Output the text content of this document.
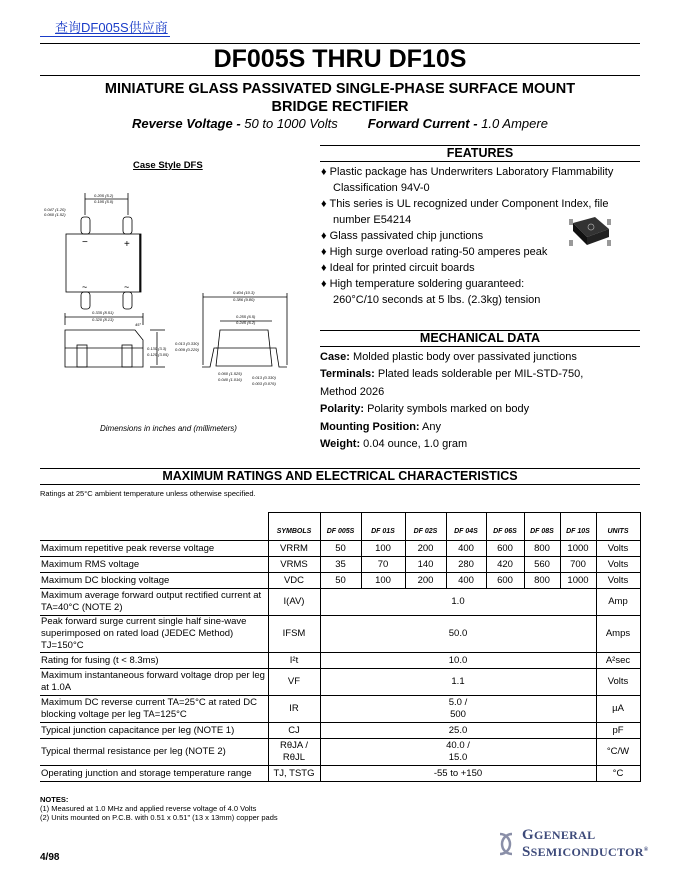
查询DF005S供应商
DF005S THRU DF10S
MINIATURE GLASS PASSIVATED SINGLE-PHASE SURFACE MOUNT
BRIDGE RECTIFIER
Reverse Voltage - 50 to 1000 Volts Forward Current - 1.0 Ampere
Case Style DFS
0.047 (1.20)
0.060 (1.52)
0.205 (5.2)
0.195 (5.0)
0.335 (8.51)
0.320 (8.13)
45°
0.130 (3.3)
0.120 (3.05)
0.013 (0.330)
0.009 (0.229)
0.404 (10.3)
0.386 (9.80)
0.255 (6.5)
0.245 (6.2)
0.060 (1.525)
0.040 (1.016)	0.013 (0.330)
0.003 (0.076)
−	+
~	~
Dimensions in inches and (millimeters)
FEATURES
♦ Plastic package has Underwriters Laboratory Flammability Classification 94V-0
♦ This series is UL recognized under Component Index, file number E54214
♦ Glass passivated chip junctions
♦ High surge overload rating-50 amperes peak
♦ Ideal for printed circuit boards
♦ High temperature soldering guaranteed: 260°C/10 seconds at 5 lbs. (2.3kg) tension
MECHANICAL DATA
Case: Molded plastic body over passivated junctions
Terminals: Plated leads solderable per MIL-STD-750, Method 2026
Polarity: Polarity symbols marked on body
Mounting Position: Any
Weight: 0.04 ounce, 1.0 gram
MAXIMUM RATINGS AND ELECTRICAL CHARACTERISTICS
Ratings at 25°C ambient temperature unless otherwise specified.
	SYMBOLS	DF 005S	DF 01S	DF 02S	DF 04S	DF 06S	DF 08S	DF 10S	UNITS
Maximum repetitive peak reverse voltage	VRRM	50	100	200	400	600	800	1000	Volts
Maximum RMS voltage	VRMS	35	70	140	280	420	560	700	Volts
Maximum DC blocking voltage	VDC	50	100	200	400	600	800	1000	Volts
Maximum average forward output rectified current at TA=40°C (NOTE 2)	I(AV)	1.0							Amp
Peak forward surge current single half sine-wave superimposed on rated load (JEDEC Method) TJ=150°C	IFSM	50.0							Amps
Rating for fusing (t < 8.3ms)	I²t	10.0							A²sec
Maximum instantaneous forward voltage drop per leg at 1.0A	VF	1.1							Volts
Maximum DC reverse current TA=25°C at rated DC blocking voltage per leg TA=125°C	IR	5.0 / 500							µA
Typical junction capacitance per leg (NOTE 1)	CJ	25.0							pF
Typical thermal resistance per leg (NOTE 2)	RθJA / RθJL	40.0 / 15.0							°C/W
Operating junction and storage temperature range	TJ, TSTG	-55 to +150							°C
NOTES:
(1) Measured at 1.0 MHz and applied reverse voltage of 4.0 Volts
(2) Units mounted on P.C.B. with 0.51 x 0.51" (13 x 13mm) copper pads
4/98
GGENERAL
SSEMICONDUCTOR®
